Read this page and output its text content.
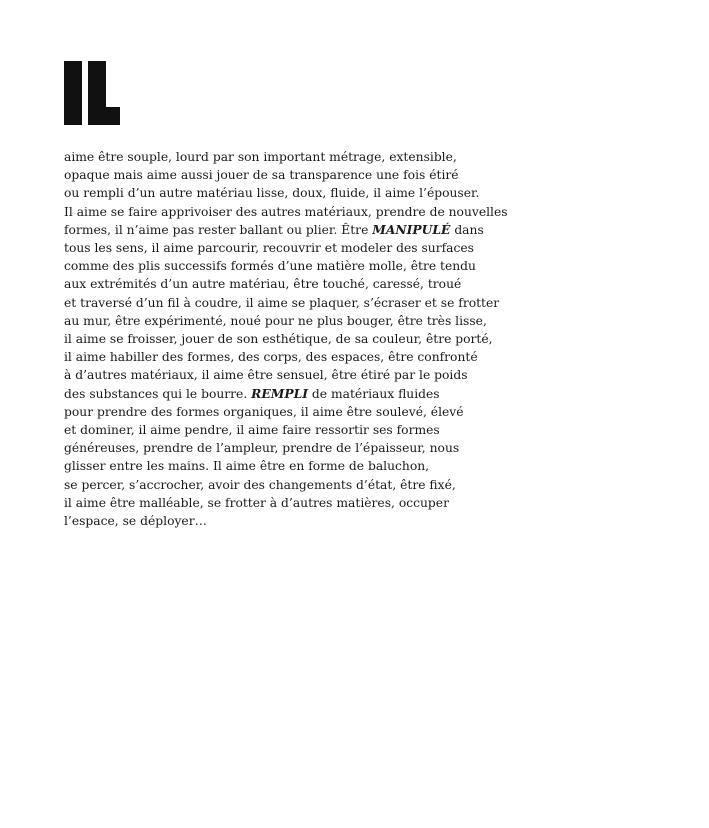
aime être souple, lourd par son important métrage, extensible,
opaque mais aime aussi jouer de sa transparence une fois étiré
ou rempli d’un autre matériau lisse, doux, fluide, il aime l’épouser.
Il aime se faire apprivoiser des autres matériaux, prendre de nouvelles
formes, il n’aime pas rester ballant ou plier. Être MANIPULÉ dans
tous les sens, il aime parcourir, recouvrir et modeler des surfaces
comme des plis successifs formés d’une matière molle, être tendu
aux extrémités d’un autre matériau, être touché, caressé, troué
et traversé d’un fil à coudre, il aime se plaquer, s’écraser et se frotter
au mur, être expérimenté, noué pour ne plus bouger, être très lisse,
il aime se froisser, jouer de son esthétique, de sa couleur, être porté,
il aime habiller des formes, des corps, des espaces, être confronté
à d’autres matériaux, il aime être sensuel, être étiré par le poids
des substances qui le bourre. REMPLI de matériaux fluides
pour prendre des formes organiques, il aime être soulevé, élevé
et dominer, il aime pendre, il aime faire ressortir ses formes
généreuses, prendre de l’ampleur, prendre de l’épaisseur, nous
glisser entre les mains. Il aime être en forme de baluchon,
se percer, s’accrocher, avoir des changements d’état, être fixé,
il aime être malléable, se frotter à d’autres matières, occuper
l’espace, se déployer…
